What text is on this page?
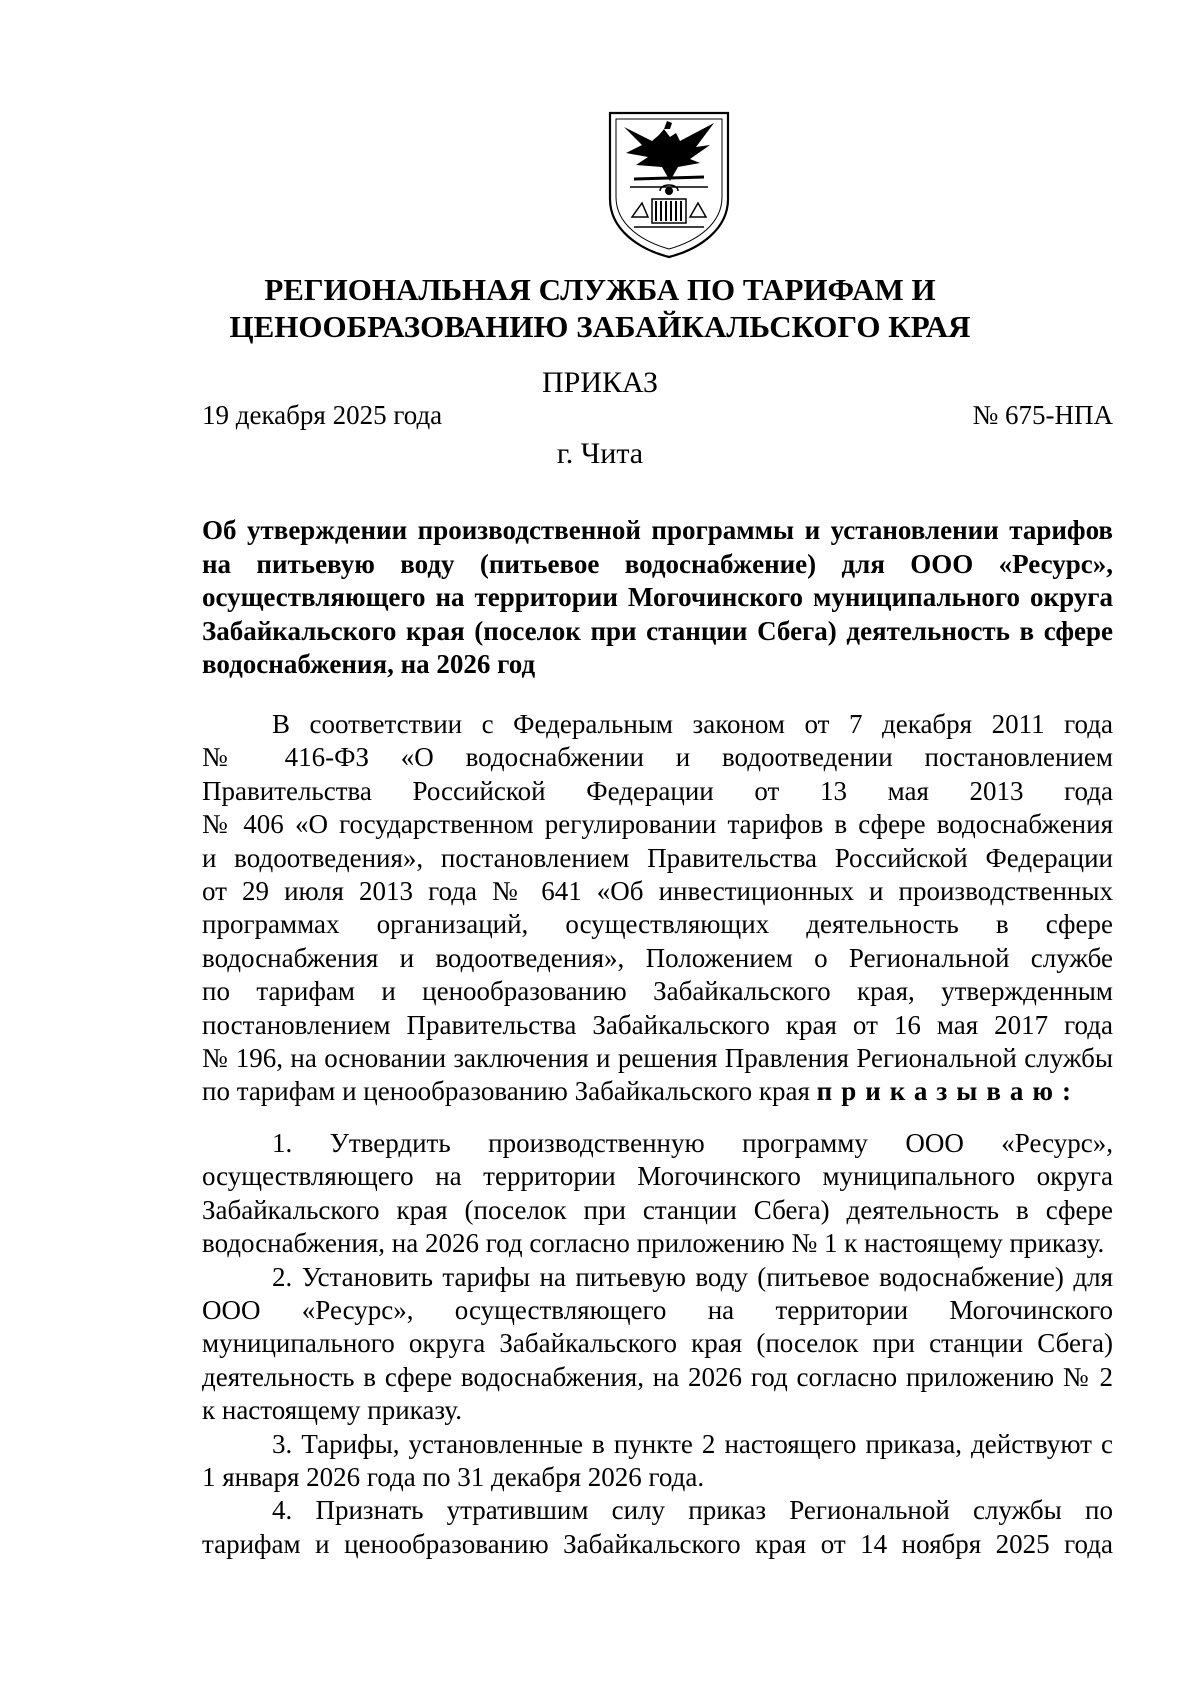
РЕГИОНАЛЬНАЯ СЛУЖБА ПО ТАРИФАМ И
ЦЕНООБРАЗОВАНИЮ ЗАБАЙКАЛЬСКОГО КРАЯ
ПРИКАЗ
19 декабря 2025 года	№ 675-НПА
г. Чита
Об утверждении производственной программы и установлении тарифов
на питьевую воду (питьевое водоснабжение) для ООО «Ресурс»,
осуществляющего на территории Могочинского муниципального округа
Забайкальского края (поселок при станции Сбега) деятельность в сфере
водоснабжения, на 2026 год
В соответствии с Федеральным законом от 7 декабря 2011 года
№ 416-ФЗ «О водоснабжении и водоотведении постановлением
Правительства Российской Федерации от 13 мая 2013 года
№ 406 «О государственном регулировании тарифов в сфере водоснабжения
и водоотведения», постановлением Правительства Российской Федерации
от 29 июля 2013 года № 641 «Об инвестиционных и производственных
программах организаций, осуществляющих деятельность в сфере
водоснабжения и водоотведения», Положением о Региональной службе
по тарифам и ценообразованию Забайкальского края, утвержденным
постановлением Правительства Забайкальского края от 16 мая 2017 года
№ 196, на основании заключения и решения Правления Региональной службы
по тарифам и ценообразованию Забайкальского края приказываю:
1. Утвердить производственную программу ООО «Ресурс»,
осуществляющего на территории Могочинского муниципального округа
Забайкальского края (поселок при станции Сбега) деятельность в сфере
водоснабжения, на 2026 год согласно приложению № 1 к настоящему приказу.
2. Установить тарифы на питьевую воду (питьевое водоснабжение) для
ООО «Ресурс», осуществляющего на территории Могочинского
муниципального округа Забайкальского края (поселок при станции Сбега)
деятельность в сфере водоснабжения, на 2026 год согласно приложению № 2
к настоящему приказу.
3. Тарифы, установленные в пункте 2 настоящего приказа, действуют с
1 января 2026 года по 31 декабря 2026 года.
4. Признать утратившим силу приказ Региональной службы по
тарифам и ценообразованию Забайкальского края от 14 ноября 2025 года
